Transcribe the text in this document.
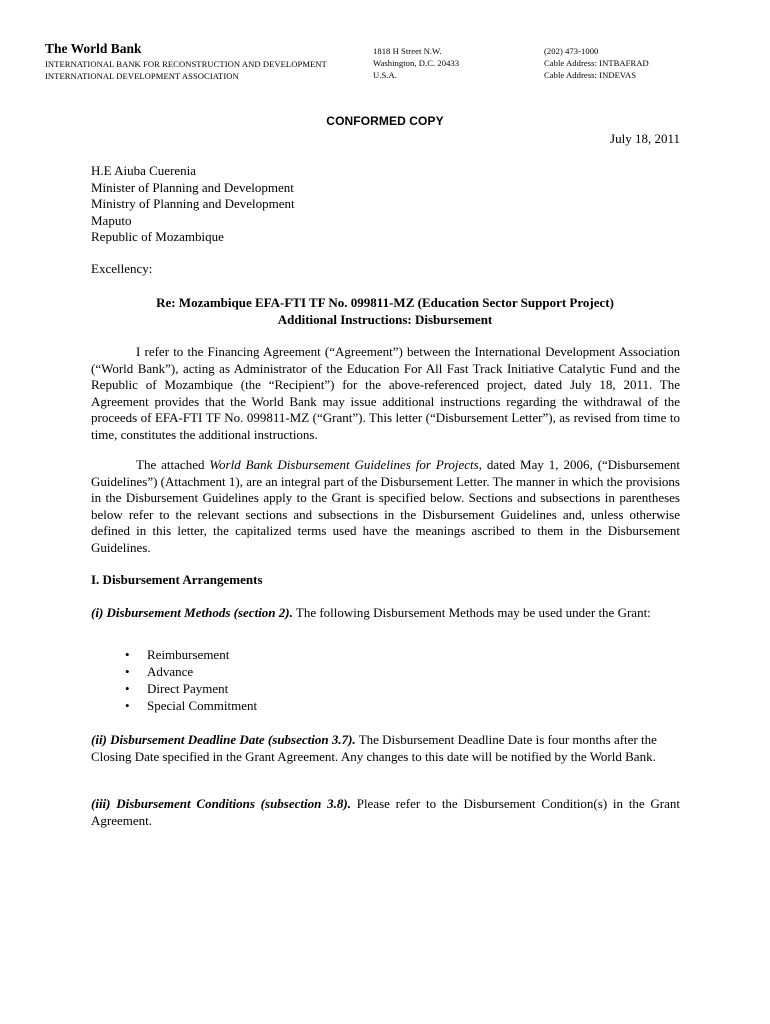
The World Bank
INTERNATIONAL BANK FOR RECONSTRUCTION AND DEVELOPMENT
INTERNATIONAL DEVELOPMENT ASSOCIATION
1818 H Street N.W.
Washington, D.C. 20433
U.S.A.
(202) 473-1000
Cable Address: INTBAFRAD
Cable Address: INDEVAS
CONFORMED COPY
July 18, 2011
H.E Aiuba Cuerenia
Minister of Planning and Development
Ministry of Planning and Development
Maputo
Republic of Mozambique
Excellency:
Re: Mozambique EFA-FTI TF No. 099811-MZ (Education Sector Support Project)
Additional Instructions: Disbursement
I refer to the Financing Agreement (“Agreement”) between the International Development Association (“World Bank”), acting as Administrator of the Education For All Fast Track Initiative Catalytic Fund and the Republic of Mozambique (the “Recipient”) for the above-referenced project, dated July 18, 2011. The Agreement provides that the World Bank may issue additional instructions regarding the withdrawal of the proceeds of EFA-FTI TF No. 099811-MZ (“Grant”). This letter (“Disbursement Letter”), as revised from time to time, constitutes the additional instructions.
The attached World Bank Disbursement Guidelines for Projects, dated May 1, 2006, (“Disbursement Guidelines”) (Attachment 1), are an integral part of the Disbursement Letter. The manner in which the provisions in the Disbursement Guidelines apply to the Grant is specified below. Sections and subsections in parentheses below refer to the relevant sections and subsections in the Disbursement Guidelines and, unless otherwise defined in this letter, the capitalized terms used have the meanings ascribed to them in the Disbursement Guidelines.
I. Disbursement Arrangements
(i) Disbursement Methods (section 2). The following Disbursement Methods may be used under the Grant:
• Reimbursement
• Advance
• Direct Payment
• Special Commitment
(ii) Disbursement Deadline Date (subsection 3.7). The Disbursement Deadline Date is four months after the Closing Date specified in the Grant Agreement. Any changes to this date will be notified by the World Bank.
(iii) Disbursement Conditions (subsection 3.8). Please refer to the Disbursement Condition(s) in the Grant Agreement.
